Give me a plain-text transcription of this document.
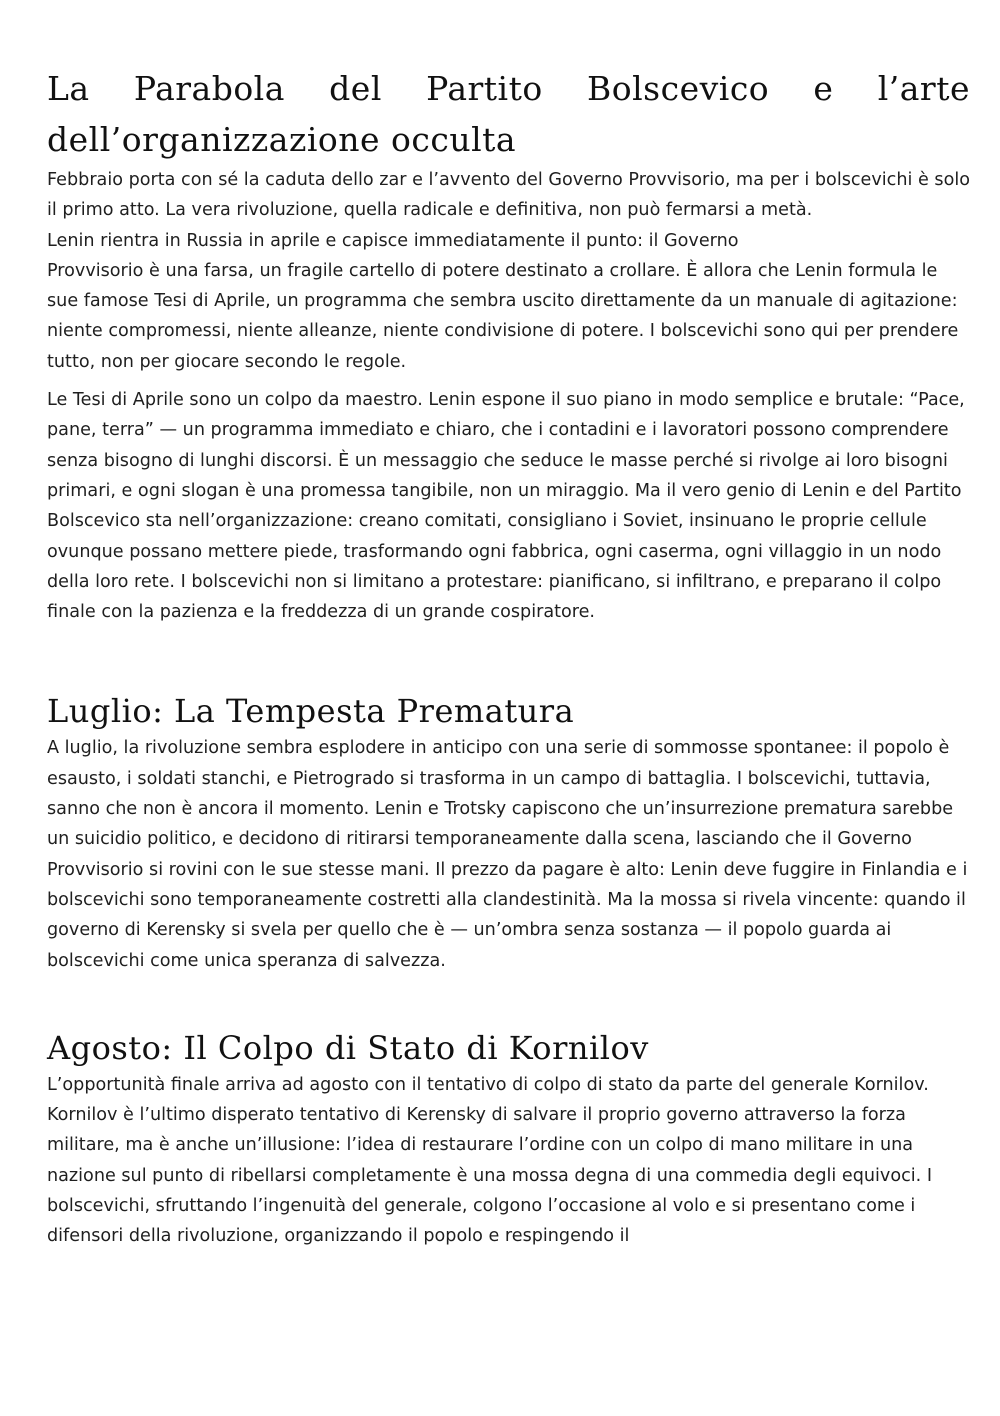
La Parabola del Partito Bolscevico e l’arte
dell’organizzazione occulta

Febbraio porta con sé la caduta dello zar e l’avvento del Governo Provvisorio, ma per i bolscevichi è solo il primo atto. La vera rivoluzione, quella radicale e definitiva, non può fermarsi a metà.

Lenin rientra in Russia in aprile e capisce immediatamente il punto: il Governo
Provvisorio è una farsa, un fragile cartello di potere destinato a crollare. È allora che Lenin formula le sue famose Tesi di Aprile, un programma che sembra uscito direttamente da un manuale di agitazione: niente compromessi, niente alleanze, niente condivisione di potere. I bolscevichi sono qui per prendere tutto, non per giocare secondo le regole.

Le Tesi di Aprile sono un colpo da maestro. Lenin espone il suo piano in modo semplice e brutale: “Pace, pane, terra” — un programma immediato e chiaro, che i contadini e i lavoratori possono comprendere senza bisogno di lunghi discorsi. È un messaggio che seduce le masse perché si rivolge ai loro bisogni primari, e ogni slogan è una promessa tangibile, non un miraggio. Ma il vero genio di Lenin e del Partito Bolscevico sta nell’organizzazione: creano comitati, consigliano i Soviet, insinuano le proprie cellule ovunque possano mettere piede, trasformando ogni fabbrica, ogni caserma, ogni villaggio in un nodo della loro rete. I bolscevichi non si limitano a protestare: pianificano, si infiltrano, e preparano il colpo finale con la pazienza e la freddezza di un grande cospiratore.

Luglio: La Tempesta Prematura

A luglio, la rivoluzione sembra esplodere in anticipo con una serie di sommosse spontanee: il popolo è esausto, i soldati stanchi, e Pietrogrado si trasforma in un campo di battaglia. I bolscevichi, tuttavia, sanno che non è ancora il momento. Lenin e Trotsky capiscono che un’insurrezione prematura sarebbe un suicidio politico, e decidono di ritirarsi temporaneamente dalla scena, lasciando che il Governo Provvisorio si rovini con le sue stesse mani. Il prezzo da pagare è alto: Lenin deve fuggire in Finlandia e i bolscevichi sono temporaneamente costretti alla clandestinità. Ma la mossa si rivela vincente: quando il governo di Kerensky si svela per quello che è — un’ombra senza sostanza — il popolo guarda ai bolscevichi come unica speranza di salvezza.

Agosto: Il Colpo di Stato di Kornilov

L’opportunità finale arriva ad agosto con il tentativo di colpo di stato da parte del generale Kornilov. Kornilov è l’ultimo disperato tentativo di Kerensky di salvare il proprio governo attraverso la forza militare, ma è anche un’illusione: l’idea di restaurare l’ordine con un colpo di mano militare in una nazione sul punto di ribellarsi completamente è una mossa degna di una commedia degli equivoci. I bolscevichi, sfruttando l’ingenuità del generale, colgono l’occasione al volo e si presentano come i difensori della rivoluzione, organizzando il popolo e respingendo il
